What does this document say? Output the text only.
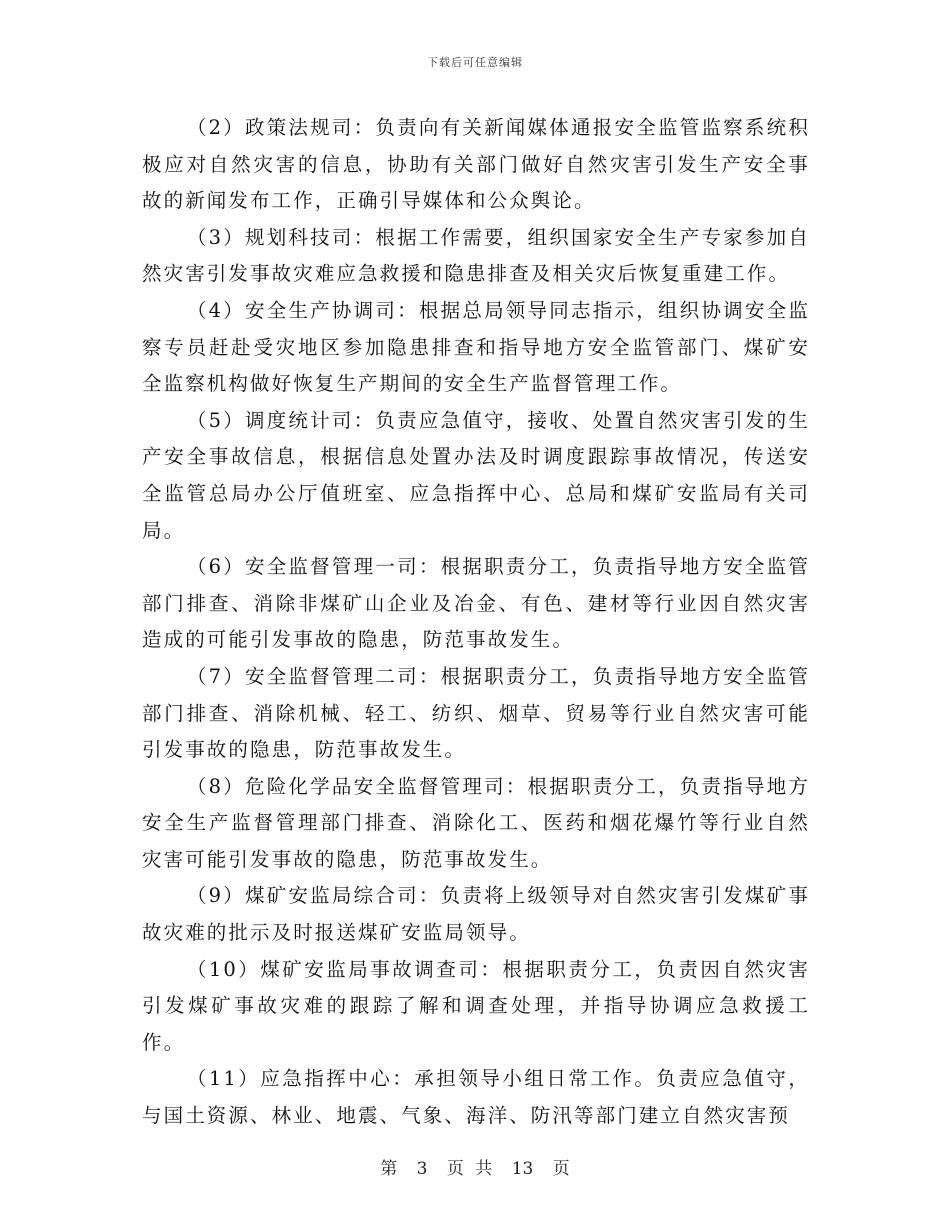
下载后可任意编辑

（2）政策法规司：负责向有关新闻媒体通报安全监管监察系统积极应对自然灾害的信息，协助有关部门做好自然灾害引发生产安全事故的新闻发布工作，正确引导媒体和公众舆论。

（3）规划科技司：根据工作需要，组织国家安全生产专家参加自然灾害引发事故灾难应急救援和隐患排查及相关灾后恢复重建工作。

（4）安全生产协调司：根据总局领导同志指示，组织协调安全监察专员赶赴受灾地区参加隐患排查和指导地方安全监管部门、煤矿安全监察机构做好恢复生产期间的安全生产监督管理工作。

（5）调度统计司：负责应急值守，接收、处置自然灾害引发的生产安全事故信息，根据信息处置办法及时调度跟踪事故情况，传送安全监管总局办公厅值班室、应急指挥中心、总局和煤矿安监局有关司局。

（6）安全监督管理一司：根据职责分工，负责指导地方安全监管部门排查、消除非煤矿山企业及冶金、有色、建材等行业因自然灾害造成的可能引发事故的隐患，防范事故发生。

（7）安全监督管理二司：根据职责分工，负责指导地方安全监管部门排查、消除机械、轻工、纺织、烟草、贸易等行业自然灾害可能引发事故的隐患，防范事故发生。

（8）危险化学品安全监督管理司：根据职责分工，负责指导地方安全生产监督管理部门排查、消除化工、医药和烟花爆竹等行业自然灾害可能引发事故的隐患，防范事故发生。

（9）煤矿安监局综合司：负责将上级领导对自然灾害引发煤矿事故灾难的批示及时报送煤矿安监局领导。

（10）煤矿安监局事故调查司：根据职责分工，负责因自然灾害引发煤矿事故灾难的跟踪了解和调查处理，并指导协调应急救援工作。

（11）应急指挥中心：承担领导小组日常工作。负责应急值守，与国土资源、林业、地震、气象、海洋、防汛等部门建立自然灾害预

第 3 页 共 13 页
